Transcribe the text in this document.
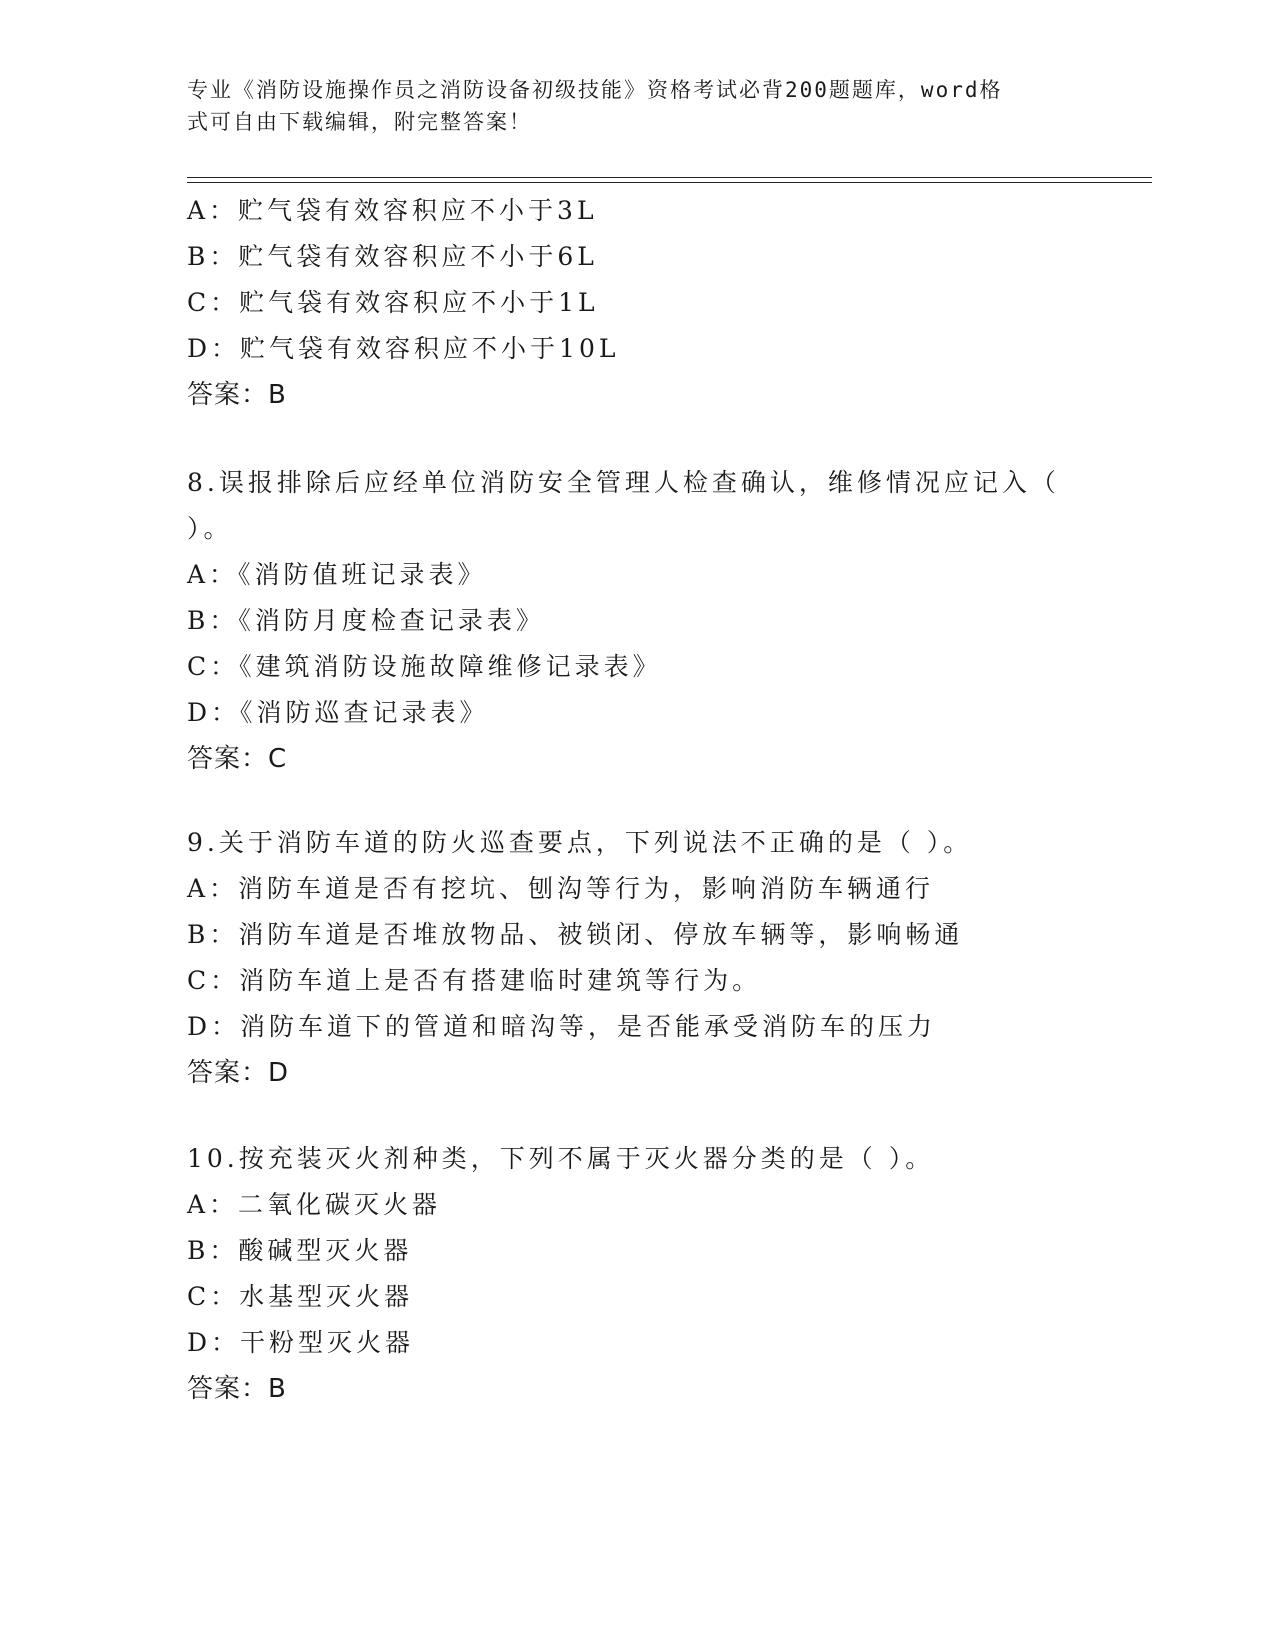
专业《消防设施操作员之消防设备初级技能》资格考试必背200题题库，word格
式可自由下载编辑，附完整答案！
A：贮气袋有效容积应不小于3L
B：贮气袋有效容积应不小于6L
C：贮气袋有效容积应不小于1L
D：贮气袋有效容积应不小于10L
答案：B
8.误报排除后应经单位消防安全管理人检查确认，维修情况应记入（
）。
A：《消防值班记录表》
B：《消防月度检查记录表》
C：《建筑消防设施故障维修记录表》
D：《消防巡查记录表》
答案：C
9.关于消防车道的防火巡查要点，下列说法不正确的是（ ）。
A：消防车道是否有挖坑、刨沟等行为，影响消防车辆通行
B：消防车道是否堆放物品、被锁闭、停放车辆等，影响畅通
C：消防车道上是否有搭建临时建筑等行为。
D：消防车道下的管道和暗沟等，是否能承受消防车的压力
答案：D
10.按充装灭火剂种类，下列不属于灭火器分类的是（ ）。
A：二氧化碳灭火器
B：酸碱型灭火器
C：水基型灭火器
D：干粉型灭火器
答案：B
